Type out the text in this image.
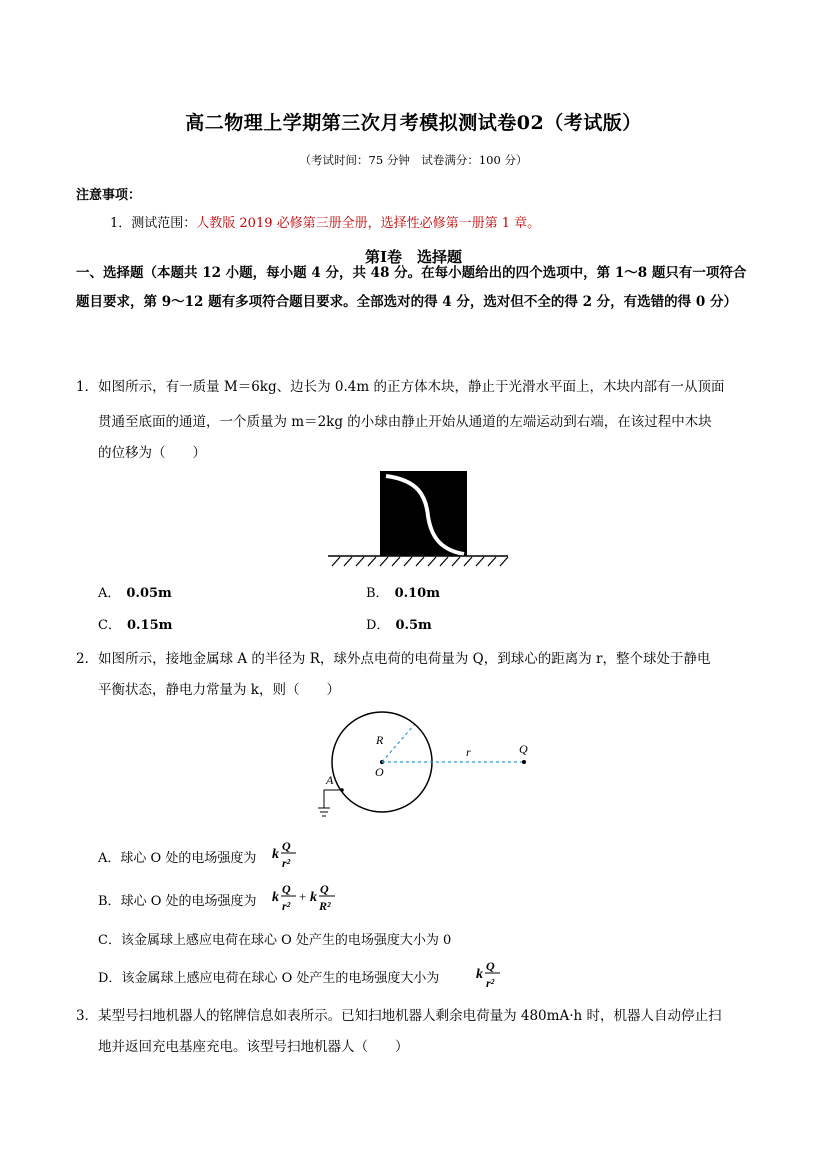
高二物理上学期第三次月考模拟测试卷02（考试版）
（考试时间：75 分钟　试卷满分：100 分）
注意事项：
1．测试范围：人教版 2019 必修第三册全册，选择性必修第一册第 1 章。
第Ⅰ卷　选择题
一、选择题（本题共 12 小题，每小题 4 分，共 48 分。在每小题给出的四个选项中，第 1～8 题只有一项符合题目要求，第 9～12 题有多项符合题目要求。全部选对的得 4 分，选对但不全的得 2 分，有选错的得 0 分）
1．如图所示，有一质量 M＝6kg、边长为 0.4m 的正方体木块，静止于光滑水平面上，木块内部有一从顶面
贯通至底面的通道，一个质量为 m＝2kg 的小球由静止开始从通道的左端运动到右端，在该过程中木块
的位移为（　　）
A． 0.05m	B． 0.10m
C． 0.15m	D． 0.5m
2．如图所示，接地金属球 A 的半径为 R，球外点电荷的电荷量为 Q，到球心的距离为 r，整个球处于静电
平衡状态，静电力常量为 k，则（　　）
R
O
r	Q
A
A．球心 O 处的电场强度为 k
Q
r²
B．球心 O 处的电场强度为 k
Q
r²
+ k
Q
R²
C．该金属球上感应电荷在球心 O 处产生的电场强度大小为 0
D．该金属球上感应电荷在球心 O 处产生的电场强度大小为	k
Q
r²
3．某型号扫地机器人的铭牌信息如表所示。已知扫地机器人剩余电荷量为 480mA·h 时，机器人自动停止扫
地并返回充电基座充电。该型号扫地机器人（　　）
